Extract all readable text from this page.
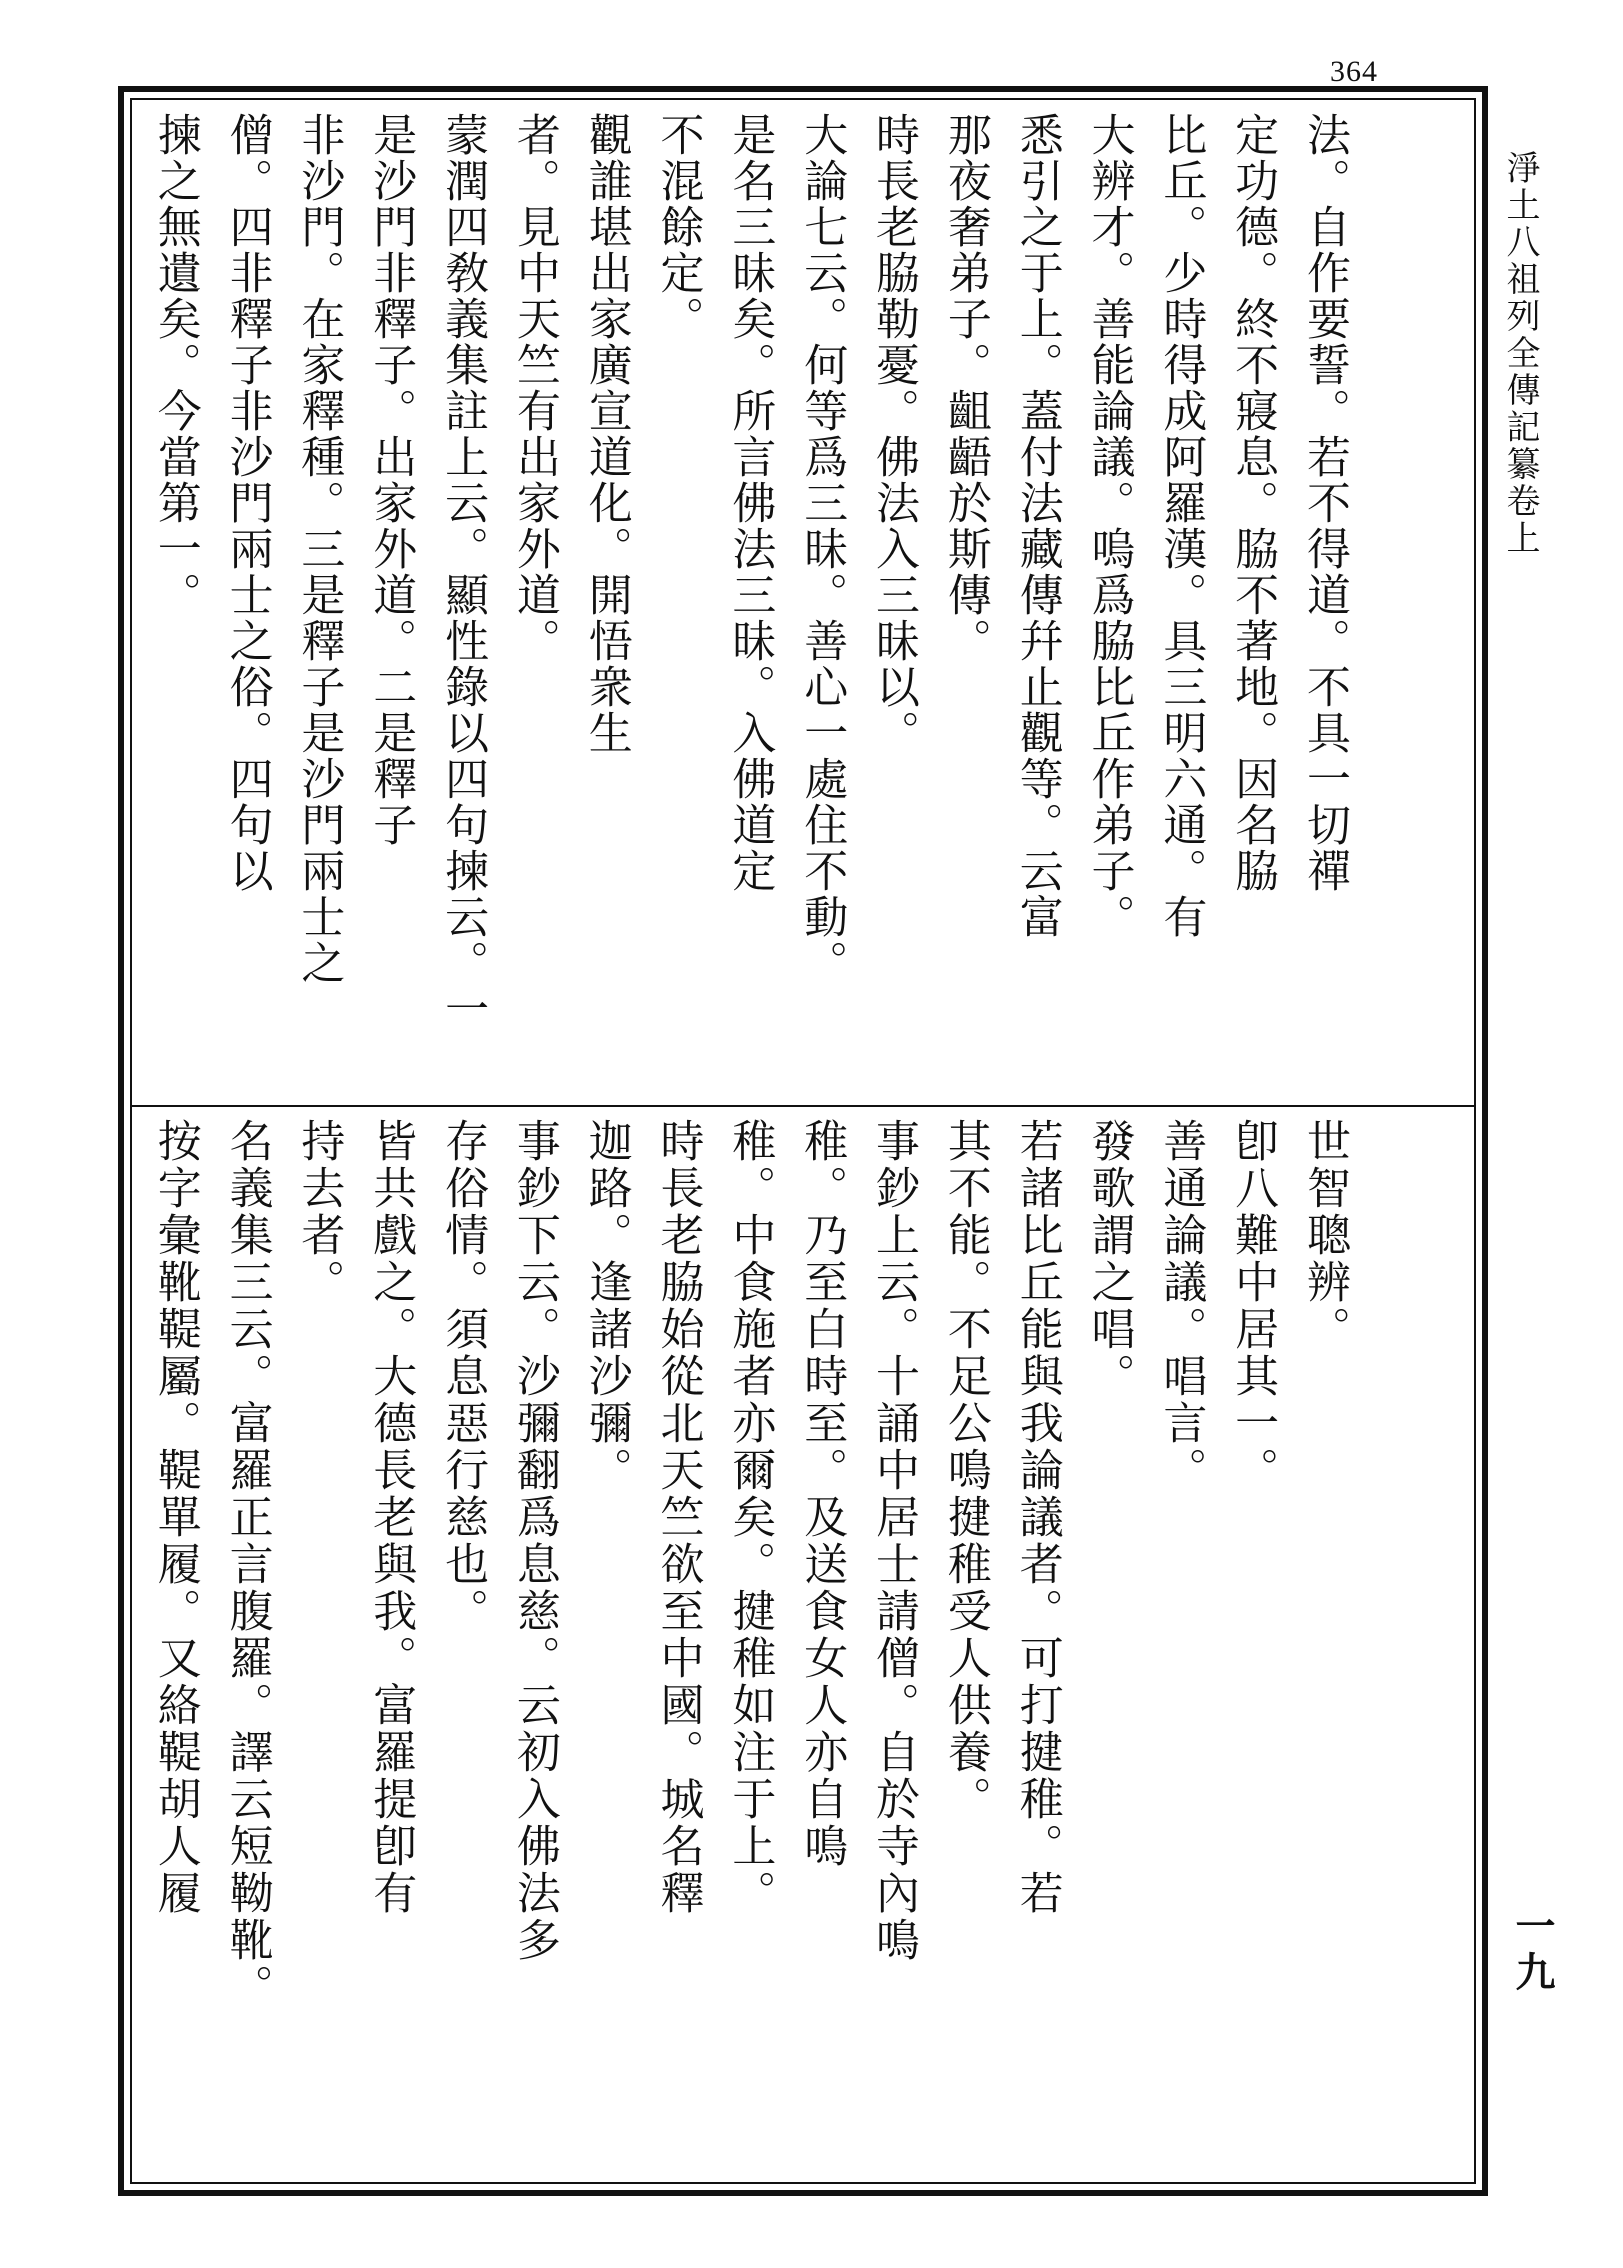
364
淨土八祖列全傳記纂卷上
一九
法。自作要誓。若不得道。不具一切禪
定功德。終不寢息。脇不著地。因名脇
比丘。少時得成阿羅漢。具三明六通。有
大辨才。善能論議。嗚爲脇比丘作弟子。
悉引之于上。蓋付法藏傳幷止觀等。云富
那夜奢弟子。齟齬於斯傳。
時長老脇勒憂。佛法入三昧以。
大論七云。何等爲三昧。善心一處住不動。
是名三昧矣。所言佛法三昧。入佛道定
不混餘定。
觀誰堪出家廣宣道化。開悟衆生
者。見中天竺有出家外道。
蒙潤四敎義集註上云。顯性錄以四句揀云。一
是沙門非釋子。出家外道。二是釋子
非沙門。在家釋種。三是釋子是沙門兩士之
僧。四非釋子非沙門兩士之俗。四句以
揀之無遺矣。今當第一。
世智聰辨。
卽八難中居其一。
善通論議。唱言。
發歌謂之唱。
若諸比丘能與我論議者。可打揵稚。若
其不能。不足公鳴揵稚受人供養。
事鈔上云。十誦中居士請僧。自於寺內鳴
稚。乃至白時至。及送食女人亦自鳴
稚。中食施者亦爾矣。揵稚如注于上。
時長老脇始從北天竺欲至中國。城名釋
迦路。逢諸沙彌。
事鈔下云。沙彌翻爲息慈。云初入佛法多
存俗情。須息惡行慈也。
皆共戲之。大德長老與我。富羅提卽有
持去者。
名義集三云。富羅正言腹羅。譯云短靿靴。
按字彙靴鞮屬。鞮單履。又絡鞮胡人履
